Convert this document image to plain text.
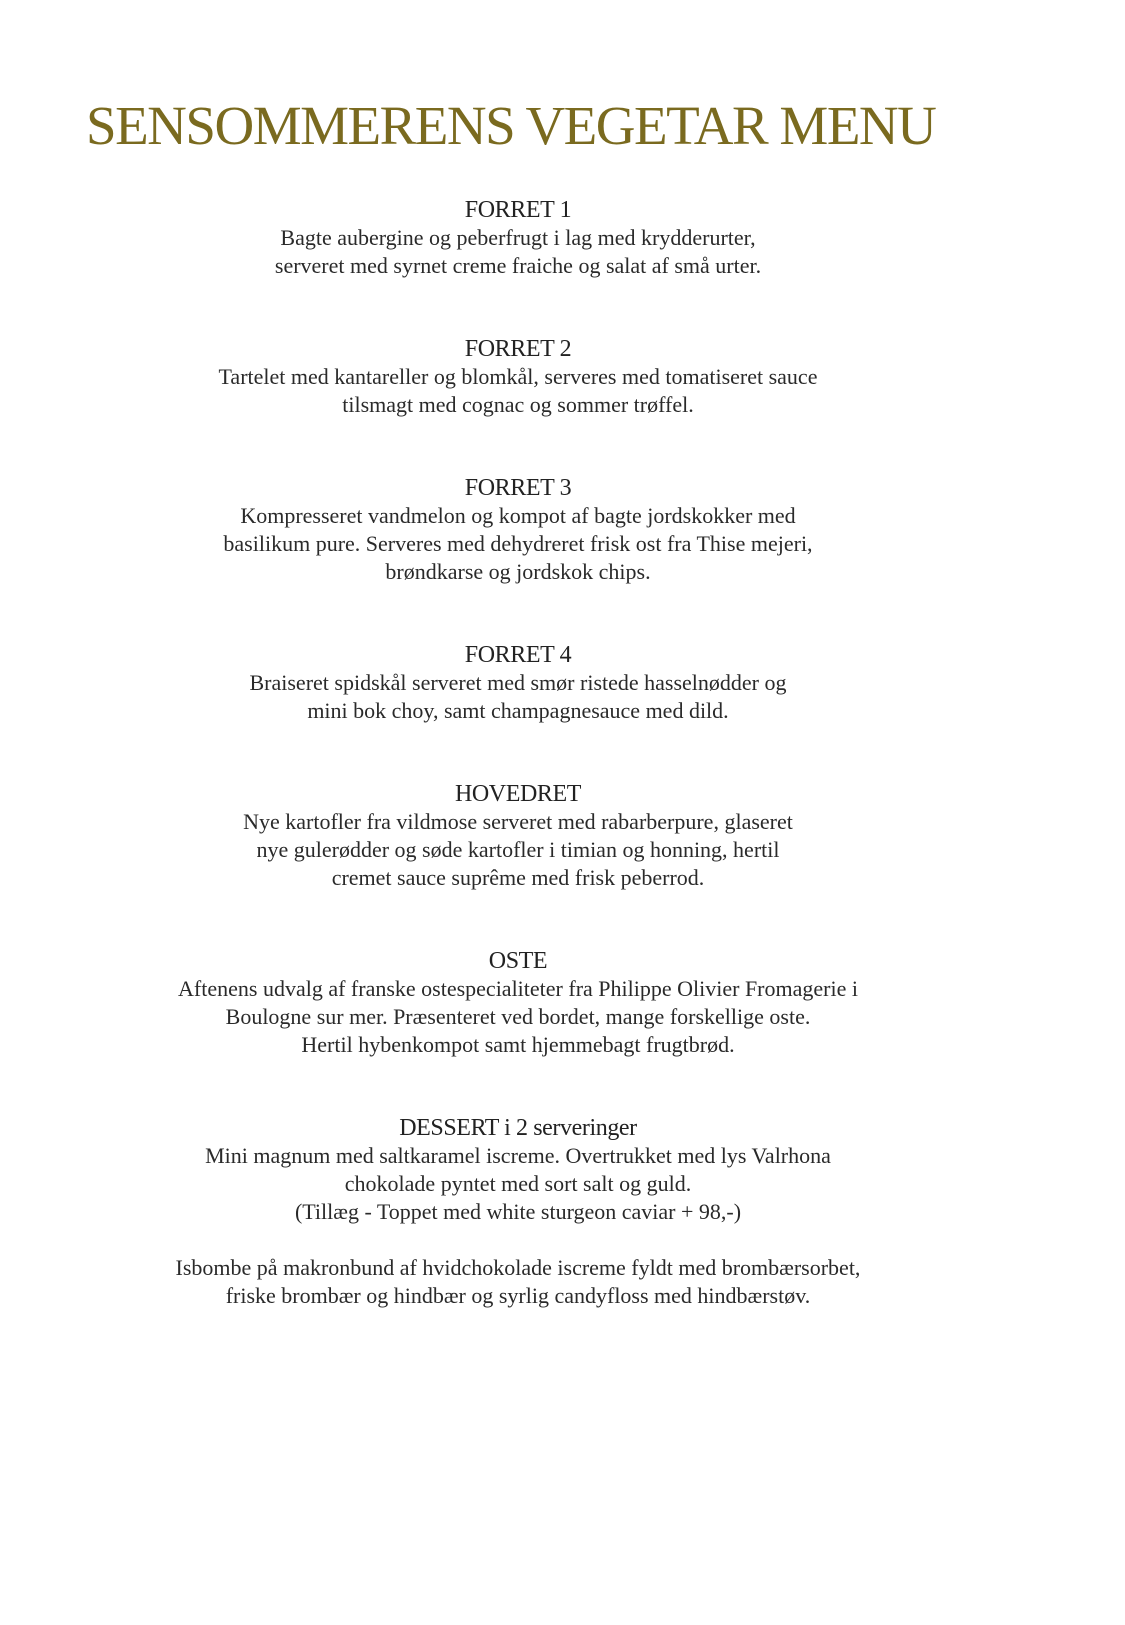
SENSOMMERENS VEGETAR MENU

FORRET 1

Bagte aubergine og peberfrugt i lag med krydderurter,

serveret med syrnet creme fraiche og salat af små urter.

FORRET 2

Tartelet med kantareller og blomkål, serveres med tomatiseret sauce

tilsmagt med cognac og sommer trøffel.

FORRET 3

Kompresseret vandmelon og kompot af bagte jordskokker med

basilikum pure. Serveres med dehydreret frisk ost fra Thise mejeri,

brøndkarse og jordskok chips.

FORRET 4

Braiseret spidskål serveret med smør ristede hasselnødder og

mini bok choy, samt champagnesauce med dild.

HOVEDRET

Nye kartofler fra vildmose serveret med rabarberpure, glaseret

nye gulerødder og søde kartofler i timian og honning, hertil

cremet sauce suprême med frisk peberrod.

OSTE

Aftenens udvalg af franske ostespecialiteter fra Philippe Olivier Fromagerie i

Boulogne sur mer. Præsenteret ved bordet, mange forskellige oste.

Hertil hybenkompot samt hjemmebagt frugtbrød.

DESSERT i 2 serveringer

Mini magnum med saltkaramel iscreme. Overtrukket med lys Valrhona

chokolade pyntet med sort salt og guld.

(Tillæg - Toppet med white sturgeon caviar + 98,-)

Isbombe på makronbund af hvidchokolade iscreme fyldt med brombærsorbet,

friske brombær og hindbær og syrlig candyfloss med hindbærstøv.
